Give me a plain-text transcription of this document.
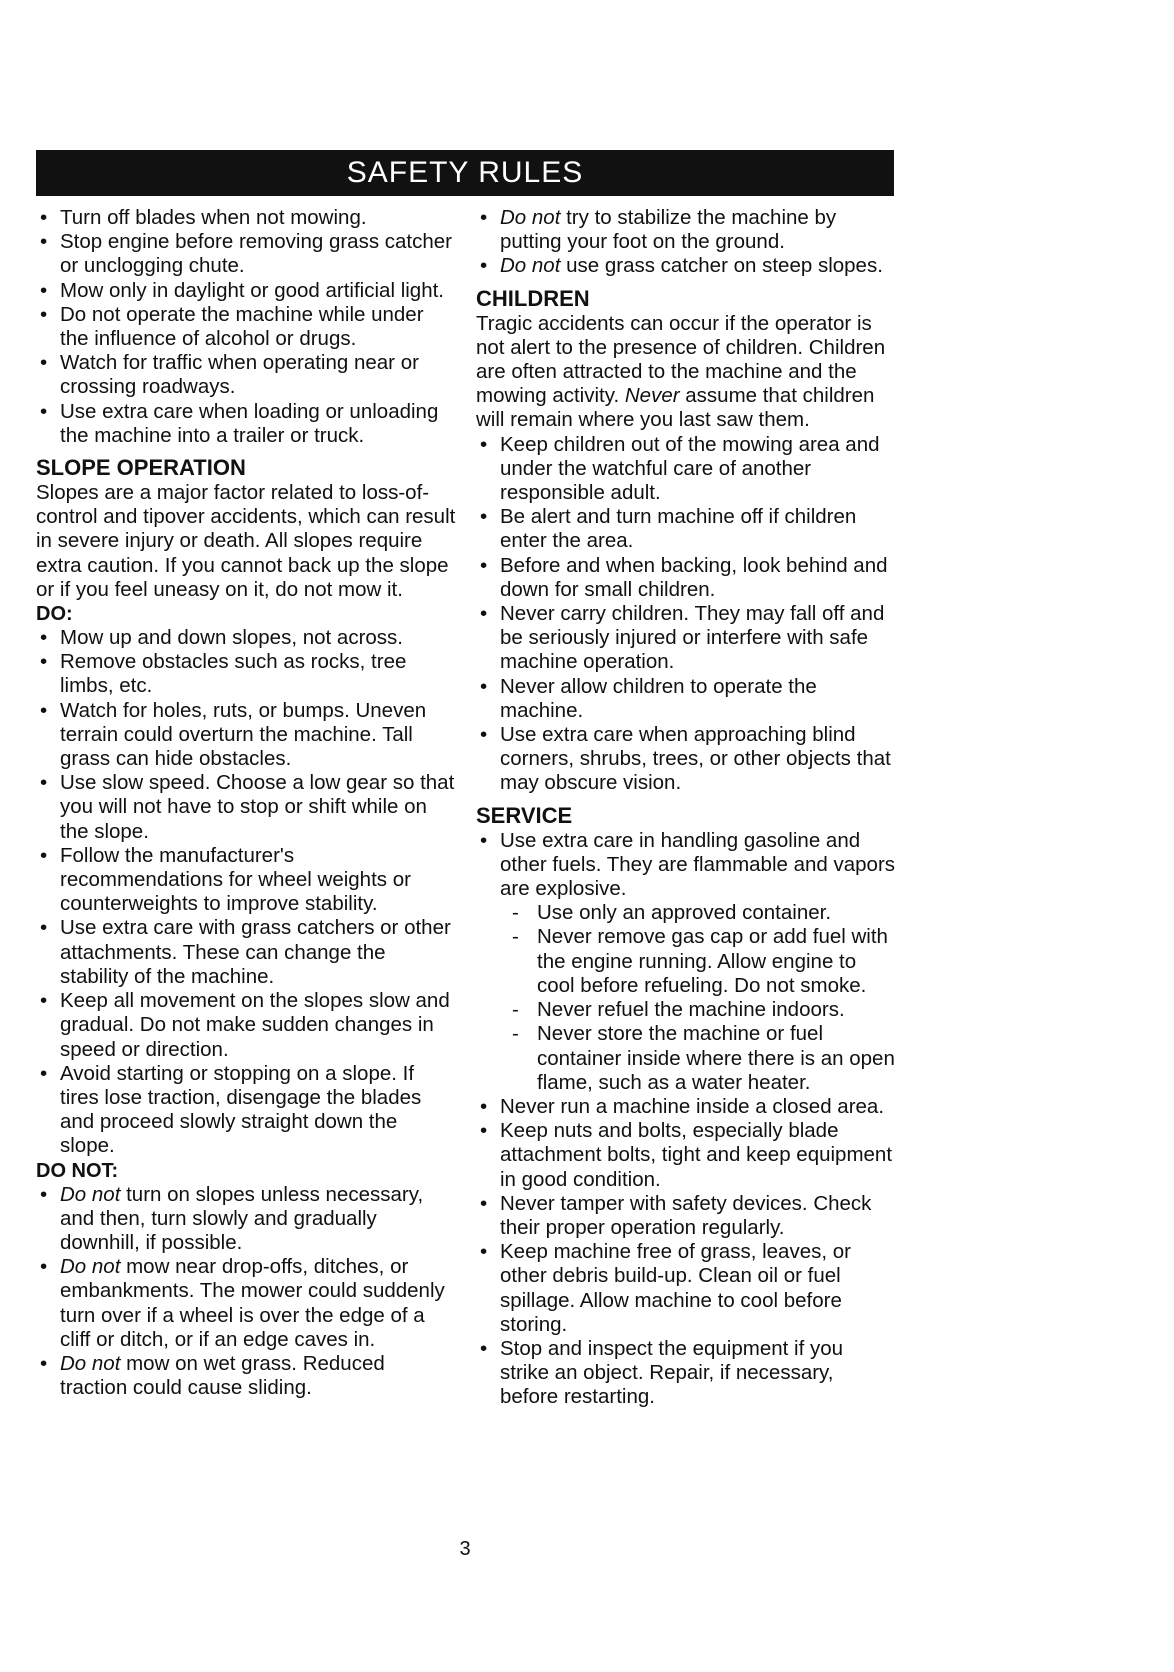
SAFETY RULES
• Turn off blades when not mowing.
• Stop engine before removing grass catcher or unclogging chute.
• Mow only in daylight or good artificial light.
• Do not operate the machine while under the influence of alcohol or drugs.
• Watch for traffic when operating near or crossing roadways.
• Use extra care when loading or unloading the machine into a trailer or truck.
SLOPE OPERATION
Slopes are a major factor related to loss-of-control and tipover accidents, which can result in severe injury or death. All slopes require extra caution. If you cannot back up the slope or if you feel uneasy on it, do not mow it.
DO:
• Mow up and down slopes, not across.
• Remove obstacles such as rocks, tree limbs, etc.
• Watch for holes, ruts, or bumps. Uneven terrain could overturn the machine. Tall grass can hide obstacles.
• Use slow speed. Choose a low gear so that you will not have to stop or shift while on the slope.
• Follow the manufacturer's recommendations for wheel weights or counterweights to improve stability.
• Use extra care with grass catchers or other attachments. These can change the stability of the machine.
• Keep all movement on the slopes slow and gradual. Do not make sudden changes in speed or direction.
• Avoid starting or stopping on a slope. If tires lose traction, disengage the blades and proceed slowly straight down the slope.
DO NOT:
• Do not turn on slopes unless necessary, and then, turn slowly and gradually downhill, if possible.
• Do not mow near drop-offs, ditches, or embankments. The mower could suddenly turn over if a wheel is over the edge of a cliff or ditch, or if an edge caves in.
• Do not mow on wet grass. Reduced traction could cause sliding.
• Do not try to stabilize the machine by putting your foot on the ground.
• Do not use grass catcher on steep slopes.
CHILDREN
Tragic accidents can occur if the operator is not alert to the presence of children. Children are often attracted to the machine and the mowing activity. Never assume that children will remain where you last saw them.
• Keep children out of the mowing area and under the watchful care of another responsible adult.
• Be alert and turn machine off if children enter the area.
• Before and when backing, look behind and down for small children.
• Never carry children. They may fall off and be seriously injured or interfere with safe machine operation.
• Never allow children to operate the machine.
• Use extra care when approaching blind corners, shrubs, trees, or other objects that may obscure vision.
SERVICE
• Use extra care in handling gasoline and other fuels. They are flammable and vapors are explosive.
- Use only an approved container.
- Never remove gas cap or add fuel with the engine running. Allow engine to cool before refueling. Do not smoke.
- Never refuel the machine indoors.
- Never store the machine or fuel container inside where there is an open flame, such as a water heater.
• Never run a machine inside a closed area.
• Keep nuts and bolts, especially blade attachment bolts, tight and keep equipment in good condition.
• Never tamper with safety devices. Check their proper operation regularly.
• Keep machine free of grass, leaves, or other debris build-up. Clean oil or fuel spillage. Allow machine to cool before storing.
• Stop and inspect the equipment if you strike an object. Repair, if necessary, before restarting.
3
